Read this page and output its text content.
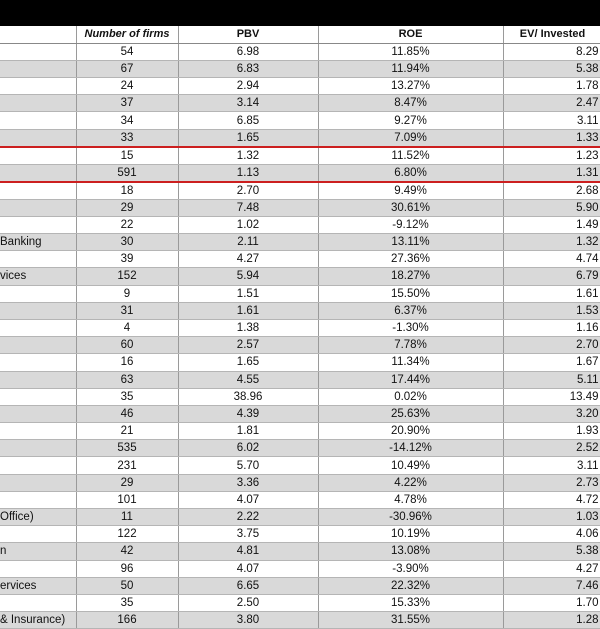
	Number of firms	PBV	ROE	EV/ Invested
	54	6.98	11.85%	8.29
	67	6.83	11.94%	5.38
	24	2.94	13.27%	1.78
	37	3.14	8.47%	2.47
	34	6.85	9.27%	3.11
	33	1.65	7.09%	1.33
	15	1.32	11.52%	1.23
	591	1.13	6.80%	1.31
	18	2.70	9.49%	2.68
	29	7.48	30.61%	5.90
	22	1.02	-9.12%	1.49
Banking	30	2.11	13.11%	1.32
	39	4.27	27.36%	4.74
vices	152	5.94	18.27%	6.79
	9	1.51	15.50%	1.61
	31	1.61	6.37%	1.53
	4	1.38	-1.30%	1.16
	60	2.57	7.78%	2.70
	16	1.65	11.34%	1.67
	63	4.55	17.44%	5.11
	35	38.96	0.02%	13.49
	46	4.39	25.63%	3.20
	21	1.81	20.90%	1.93
	535	6.02	-14.12%	2.52
	231	5.70	10.49%	3.11
	29	3.36	4.22%	2.73
	101	4.07	4.78%	4.72
Office)	11	2.22	-30.96%	1.03
	122	3.75	10.19%	4.06
n	42	4.81	13.08%	5.38
	96	4.07	-3.90%	4.27
ervices	50	6.65	22.32%	7.46
	35	2.50	15.33%	1.70
& Insurance)	166	3.80	31.55%	1.28
